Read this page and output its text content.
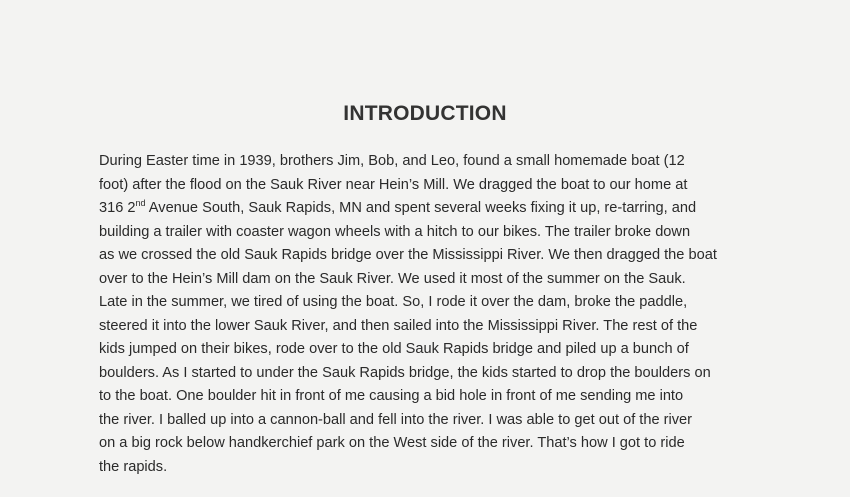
INTRODUCTION
During Easter time in 1939, brothers Jim, Bob, and Leo, found a small homemade boat (12
foot) after the flood on the Sauk River near Hein’s Mill. We dragged the boat to our home at
316 2nd Avenue South, Sauk Rapids, MN and spent several weeks fixing it up, re-tarring, and
building a trailer with coaster wagon wheels with a hitch to our bikes. The trailer broke down
as we crossed the old Sauk Rapids bridge over the Mississippi River. We then dragged the boat
over to the Hein’s Mill dam on the Sauk River. We used it most of the summer on the Sauk.
Late in the summer, we tired of using the boat. So, I rode it over the dam, broke the paddle,
steered it into the lower Sauk River, and then sailed into the Mississippi River. The rest of the
kids jumped on their bikes, rode over to the old Sauk Rapids bridge and piled up a bunch of
boulders. As I started to under the Sauk Rapids bridge, the kids started to drop the boulders on
to the boat. One boulder hit in front of me causing a bid hole in front of me sending me into
the river. I balled up into a cannon-ball and fell into the river. I was able to get out of the river
on a big rock below handkerchief park on the West side of the river. That’s how I got to ride
the rapids.
